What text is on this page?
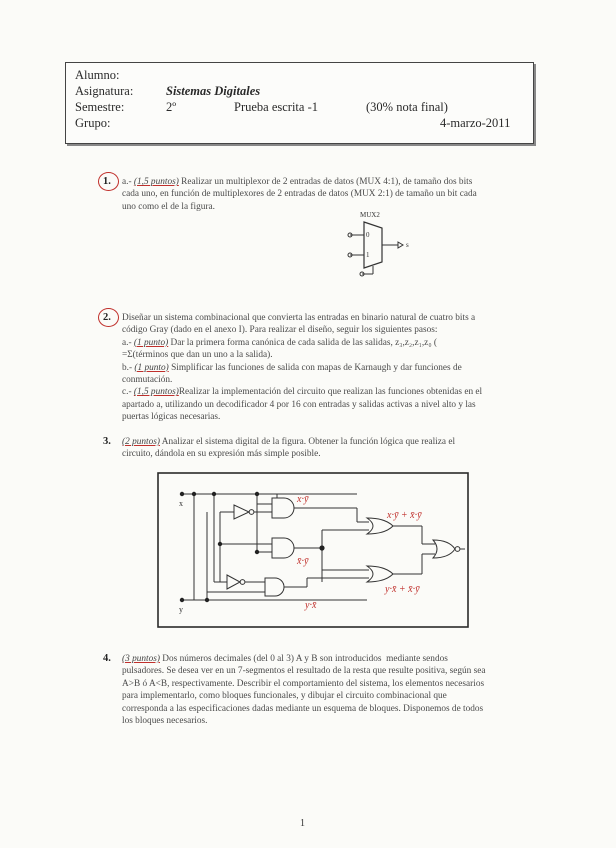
Alumno:
Asignatura:	Sistemas Digitales
Semestre:	2º	Prueba escrita -1	(30% nota final)
Grupo:	4-marzo-2011
1. a.- (1,5 puntos) Realizar un multiplexor de 2 entradas de datos (MUX 4:1), de tamaño dos bits
cada uno, en función de multiplexores de 2 entradas de datos (MUX 2:1) de tamaño un bit cada
uno como el de la figura.
MUX2
0
1
s
2. Diseñar un sistema combinacional que convierta las entradas en binario natural de cuatro bits a
código Gray (dado en el anexo I). Para realizar el diseño, seguir los siguientes pasos:
a.- (1 punto) Dar la primera forma canónica de cada salida de las salidas, z₃,z₂,z₁,z₀ (
=Σ(términos que dan un uno a la salida).
b.- (1 punto) Simplificar las funciones de salida con mapas de Karnaugh y dar funciones de
conmutación.
c.- (1,5 puntos)Realizar la implementación del circuito que realizan las funciones obtenidas en el
apartado a, utilizando un decodificador 4 por 16 con entradas y salidas activas a nivel alto y las
puertas lógicas necesarias.
3. (2 puntos) Analizar el sistema digital de la figura. Obtener la función lógica que realiza el
circuito, dándola en su expresión más simple posible.
x
y
x·ȳ
x·ȳ + x̄·ȳ
x̄·ȳ
y·x̄ + x̄·ȳ
y·x̄
4. (3 puntos) Dos números decimales (del 0 al 3) A y B son introducidos  mediante sendos
pulsadores. Se desea ver en un 7-segmentos el resultado de la resta que resulte positiva, según sea
A>B ó A<B, respectivamente. Describir el comportamiento del sistema, los elementos necesarios
para implementarlo, como bloques funcionales, y dibujar el circuito combinacional que
corresponda a las especificaciones dadas mediante un esquema de bloques. Disponemos de todos
los bloques necesarios.
1
